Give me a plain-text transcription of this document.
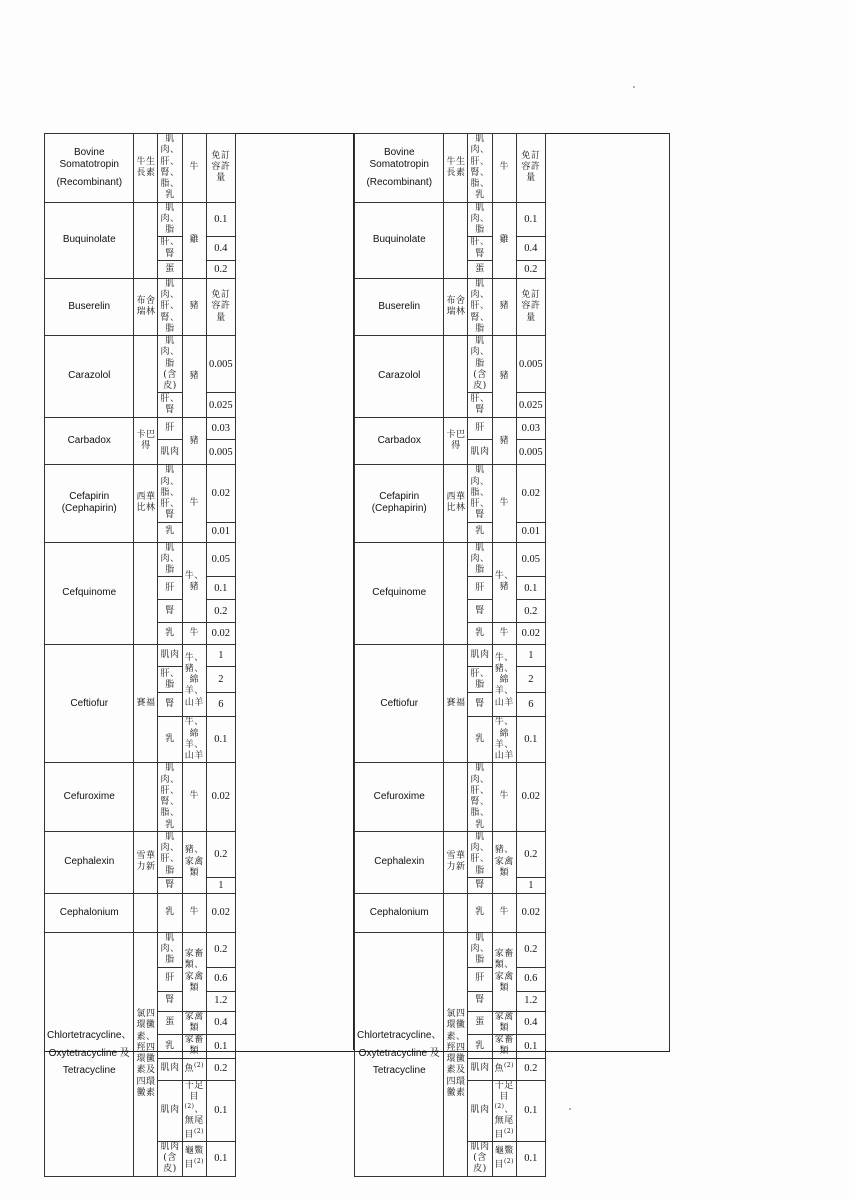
Bovine Somatotropin
(Recombinant)	牛生長素	肌肉、肝、腎、脂、乳	牛	免訂容許量

Buquinolate		肌肉、脂	雞	0.1
		肝、腎		0.4
		蛋		0.2

Buserelin	布舍瑞林	肌肉、肝、腎、脂	豬	免訂容許量

Carazolol		肌肉、脂(含皮)	豬	0.005
		肝、腎		0.025

Carbadox	卡巴得	肝	豬	0.03
		肌肉		0.005

Cefapirin (Cephapirin)	西華比林	肌肉、脂、肝、腎	牛	0.02
		乳		0.01

Cefquinome		肌肉、脂	牛、豬	0.05
		肝		0.1
		腎		0.2
		乳	牛	0.02

Ceftiofur	賽福	肌肉	牛、豬、綿羊、山羊	1
		肝、脂		2
		腎		6
		乳	牛、綿羊、山羊	0.1

Cefuroxime		肌肉、肝、腎、脂、乳	牛	0.02

Cephalexin	雪華力新	肌肉、肝、脂	豬、家禽類	0.2
		腎		1

Cephalonium		乳	牛	0.02

Chlortetracycline、
Oxytetracycline 及
Tetracycline	氯四環黴素、羥四環黴素及四環黴素	肌肉、脂	家畜類、家禽類	0.2
		肝		0.6
		腎		1.2
		蛋	家禽類	0.4
		乳	家畜類	0.1
		肌肉	魚$^{(2)}$	0.2
		肌肉	十足目$^{(2)}$、無尾目$^{(2)}$	0.1
		肌肉(含皮)	龜鱉目$^{(2)}$	0.1
Bovine Somatotropin
(Recombinant)	牛生長素	肌肉、肝、腎、脂、乳	牛	免訂容許量

Buquinolate		肌肉、脂	雞	0.1
		肝、腎		0.4
		蛋		0.2

Buserelin	布舍瑞林	肌肉、肝、腎、脂	豬	免訂容許量

Carazolol		肌肉、脂(含皮)	豬	0.005
		肝、腎		0.025

Carbadox	卡巴得	肝	豬	0.03
		肌肉		0.005

Cefapirin (Cephapirin)	西華比林	肌肉、脂、肝、腎	牛	0.02
		乳		0.01

Cefquinome		肌肉、脂	牛、豬	0.05
		肝		0.1
		腎		0.2
		乳	牛	0.02

Ceftiofur	賽福	肌肉	牛、豬、綿羊、山羊	1
		肝、脂		2
		腎		6
		乳	牛、綿羊、山羊	0.1

Cefuroxime		肌肉、肝、腎、脂、乳	牛	0.02

Cephalexin	雪華力新	肌肉、肝、脂	豬、家禽類	0.2
		腎		1

Cephalonium		乳	牛	0.02

Chlortetracycline、
Oxytetracycline 及
Tetracycline	氯四環黴素、羥四環黴素及四環黴素	肌肉、脂	家畜類、家禽類	0.2
		肝		0.6
		腎		1.2
		蛋	家禽類	0.4
		乳	家畜類	0.1
		肌肉	魚$^{(2)}$	0.2
		肌肉	十足目$^{(2)}$、無尾目$^{(2)}$	0.1
		肌肉(含皮)	龜鱉目$^{(2)}$	0.1
